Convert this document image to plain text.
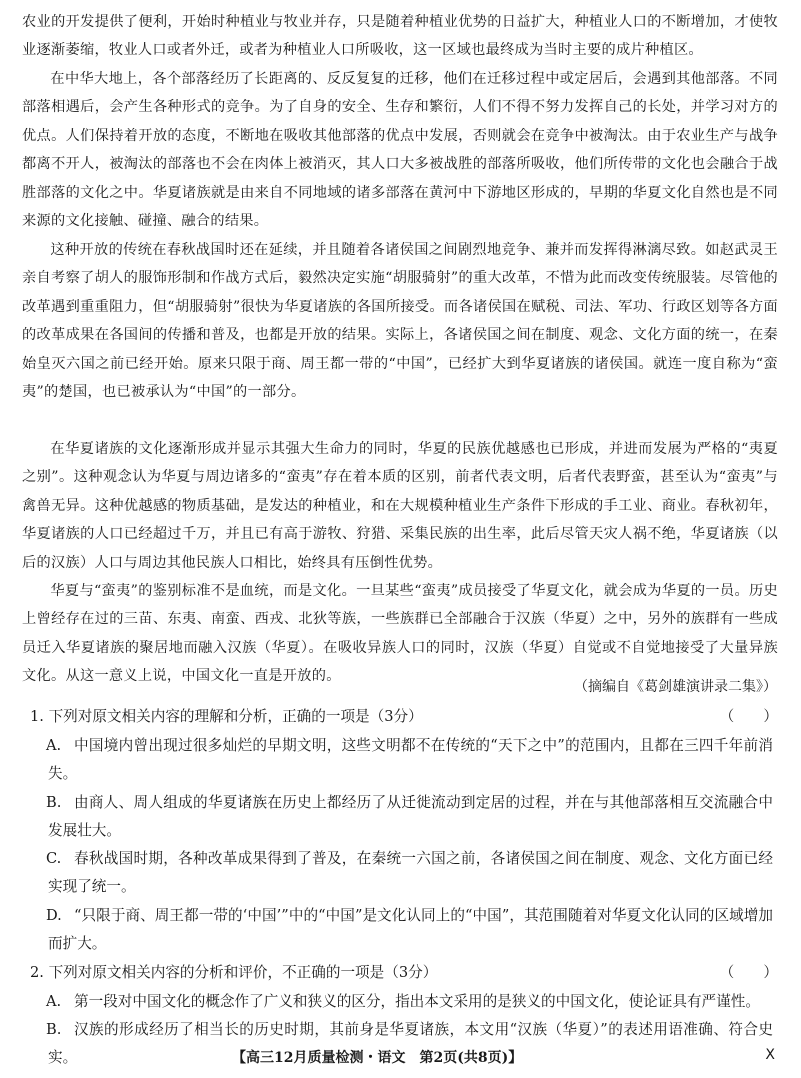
农业的开发提供了便利，开始时种植业与牧业并存，只是随着种植业优势的日益扩大，种植业人口的不断增加，才使牧业逐渐萎缩，牧业人口或者外迁，或者为种植业人口所吸收，这一区域也最终成为当时主要的成片种植区。

在中华大地上，各个部落经历了长距离的、反反复复的迁移，他们在迁移过程中或定居后，会遇到其他部落。不同部落相遇后，会产生各种形式的竞争。为了自身的安全、生存和繁衍，人们不得不努力发挥自己的长处，并学习对方的优点。人们保持着开放的态度，不断地在吸收其他部落的优点中发展，否则就会在竞争中被淘汰。由于农业生产与战争都离不开人，被淘汰的部落也不会在肉体上被消灭，其人口大多被战胜的部落所吸收，他们所传带的文化也会融合于战胜部落的文化之中。华夏诸族就是由来自不同地域的诸多部落在黄河中下游地区形成的，早期的华夏文化自然也是不同来源的文化接触、碰撞、融合的结果。

这种开放的传统在春秋战国时还在延续，并且随着各诸侯国之间剧烈地竞争、兼并而发挥得淋漓尽致。如赵武灵王亲自考察了胡人的服饰形制和作战方式后，毅然决定实施“胡服骑射”的重大改革，不惜为此而改变传统服装。尽管他的改革遇到重重阻力，但“胡服骑射”很快为华夏诸族的各国所接受。而各诸侯国在赋税、司法、军功、行政区划等各方面的改革成果在各国间的传播和普及，也都是开放的结果。实际上，各诸侯国之间在制度、观念、文化方面的统一，在秦始皇灭六国之前已经开始。原来只限于商、周王都一带的“中国”，已经扩大到华夏诸族的诸侯国。就连一度自称为“蛮夷”的楚国，也已被承认为“中国”的一部分。

在华夏诸族的文化逐渐形成并显示其强大生命力的同时，华夏的民族优越感也已形成，并进而发展为严格的“夷夏之别”。这种观念认为华夏与周边诸多的“蛮夷”存在着本质的区别，前者代表文明，后者代表野蛮，甚至认为“蛮夷”与禽兽无异。这种优越感的物质基础，是发达的种植业，和在大规模种植业生产条件下形成的手工业、商业。春秋初年，华夏诸族的人口已经超过千万，并且已有高于游牧、狩猎、采集民族的出生率，此后尽管天灾人祸不绝，华夏诸族（以后的汉族）人口与周边其他民族人口相比，始终具有压倒性优势。

华夏与“蛮夷”的鉴别标准不是血统，而是文化。一旦某些“蛮夷”成员接受了华夏文化，就会成为华夏的一员。历史上曾经存在过的三苗、东夷、南蛮、西戎、北狄等族，一些族群已全部融合于汉族（华夏）之中，另外的族群有一些成员迁入华夏诸族的聚居地而融入汉族（华夏）。在吸收异族人口的同时，汉族（华夏）自觉或不自觉地接受了大量异族文化。从这一意义上说，中国文化一直是开放的。

（摘编自《葛剑雄演讲录二集》）
1. 下列对原文相关内容的理解和分析，正确的一项是（3分）	（　　）
A. 中国境内曾出现过很多灿烂的早期文明，这些文明都不在传统的“天下之中”的范围内，且都在三四千年前消失。
B. 由商人、周人组成的华夏诸族在历史上都经历了从迁徙流动到定居的过程，并在与其他部落相互交流融合中发展壮大。
C. 春秋战国时期，各种改革成果得到了普及，在秦统一六国之前，各诸侯国之间在制度、观念、文化方面已经实现了统一。
D. “只限于商、周王都一带的‘中国’”中的“中国”是文化认同上的“中国”，其范围随着对华夏文化认同的区域增加而扩大。
2. 下列对原文相关内容的分析和评价，不正确的一项是（3分）	（　　）
A. 第一段对中国文化的概念作了广义和狭义的区分，指出本文采用的是狭义的中国文化，使论证具有严谨性。
B. 汉族的形成经历了相当长的历史时期，其前身是华夏诸族，本文用“汉族（华夏）”的表述用语准确、符合史实。	【高三12月质量检测・语文　第2页(共8页)】	X
